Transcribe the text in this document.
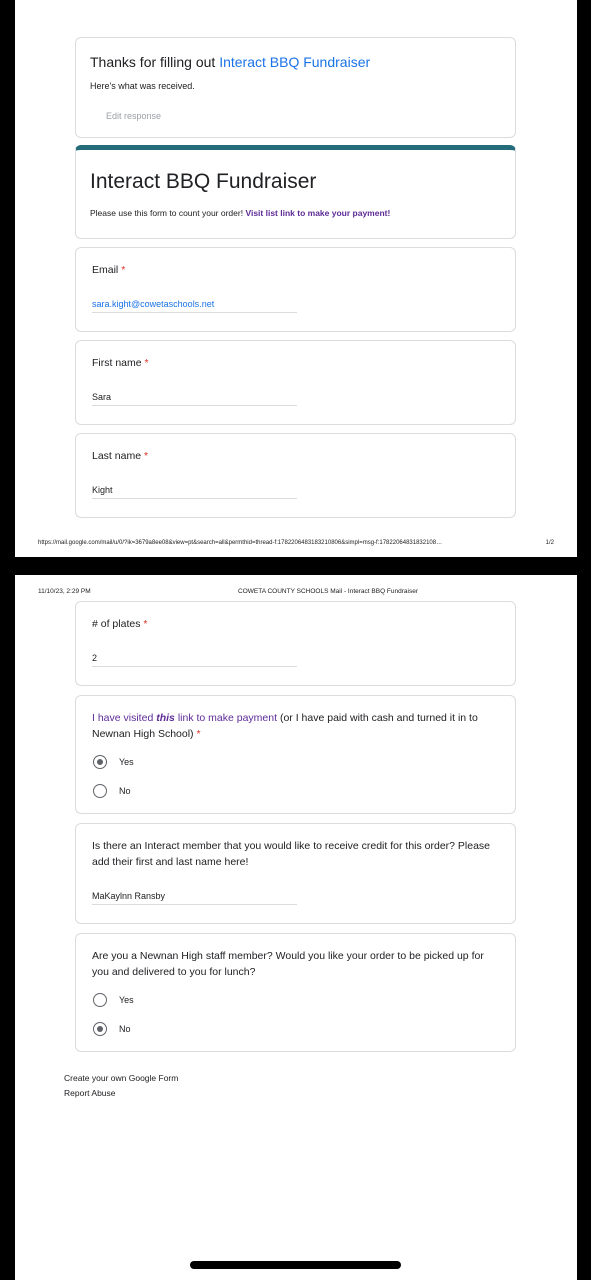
Thanks for filling out Interact BBQ Fundraiser
Here's what was received.
Edit response
Interact BBQ Fundraiser
Please use this form to count your order! Visit list link to make your payment!
Email *
sara.kight@cowetaschools.net
First name *
Sara
Last name *
Kight
https://mail.google.com/mail/u/0/?ik=3679a8ee08&view=pt&search=all&permthid=thread-f:1782206483183210806&simpl=msg-f:178220648318321​08…	1/2
11/10/23, 2:29 PM	COWETA COUNTY SCHOOLS Mail - Interact BBQ Fundraiser
# of plates *
2
I have visited this link to make payment (or I have paid with cash and turned it in to Newnan High School) *
Yes
No
Is there an Interact member that you would like to receive credit for this order? Please add their first and last name here!
MaKaylnn Ransby
Are you a Newnan High staff member? Would you like your order to be picked up for you and delivered to you for lunch?
Yes
No
Create your own Google Form
Report Abuse
